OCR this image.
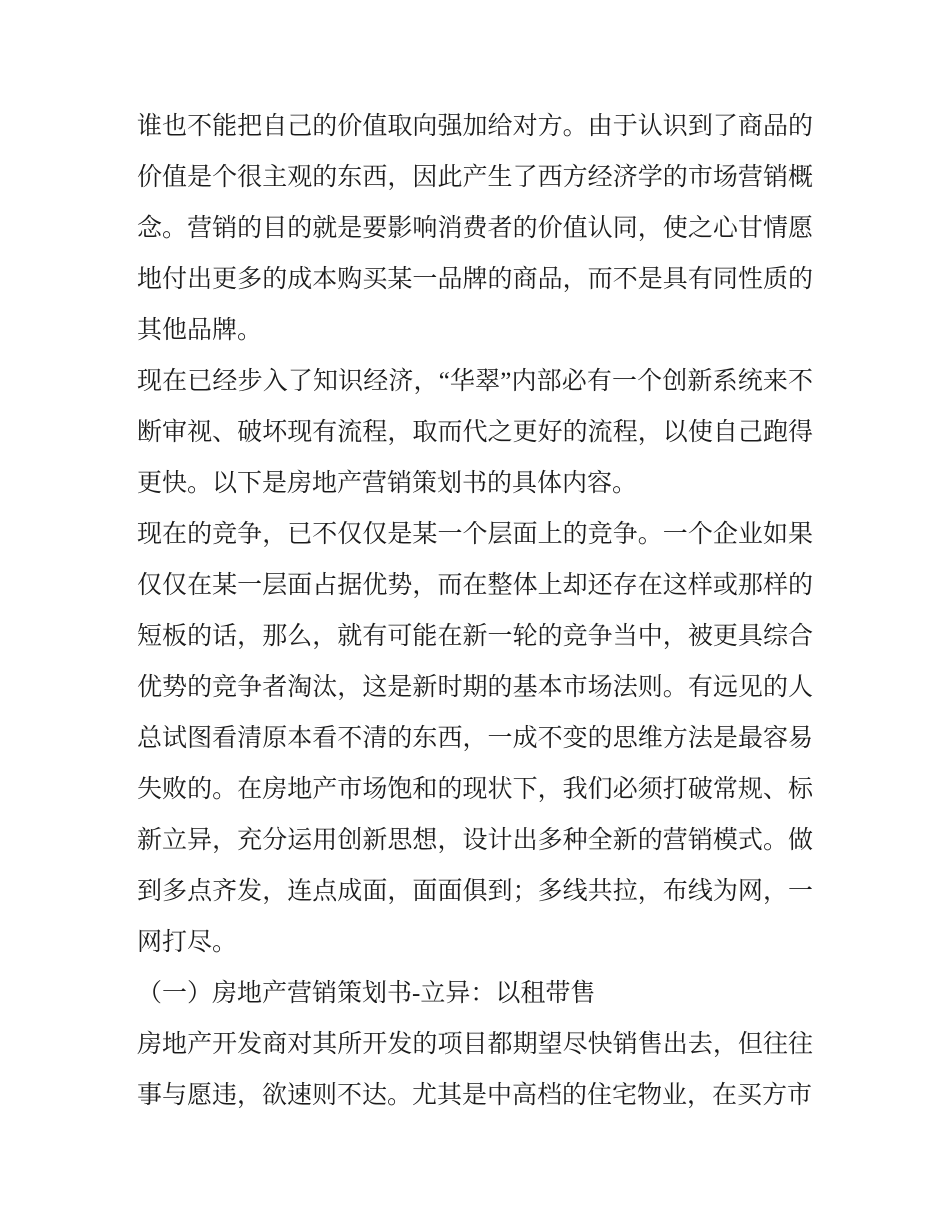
谁也不能把自己的价值取向强加给对方。由于认识到了商品的价值是个很主观的东西，因此产生了西方经济学的市场营销概念。营销的目的就是要影响消费者的价值认同，使之心甘情愿地付出更多的成本购买某一品牌的商品，而不是具有同性质的其他品牌。

现在已经步入了知识经济，“华翠”内部必有一个创新系统来不断审视、破坏现有流程，取而代之更好的流程，以使自己跑得更快。以下是房地产营销策划书的具体内容。

现在的竞争，已不仅仅是某一个层面上的竞争。一个企业如果仅仅在某一层面占据优势，而在整体上却还存在这样或那样的短板的话，那么，就有可能在新一轮的竞争当中，被更具综合优势的竞争者淘汰，这是新时期的基本市场法则。有远见的人总试图看清原本看不清的东西，一成不变的思维方法是最容易失败的。在房地产市场饱和的现状下，我们必须打破常规、标新立异，充分运用创新思想，设计出多种全新的营销模式。做到多点齐发，连点成面，面面俱到；多线共拉，布线为网，一网打尽。

（一）房地产营销策划书-立异：以租带售

房地产开发商对其所开发的项目都期望尽快销售出去，但往往事与愿违，欲速则不达。尤其是中高档的住宅物业，在买方市
